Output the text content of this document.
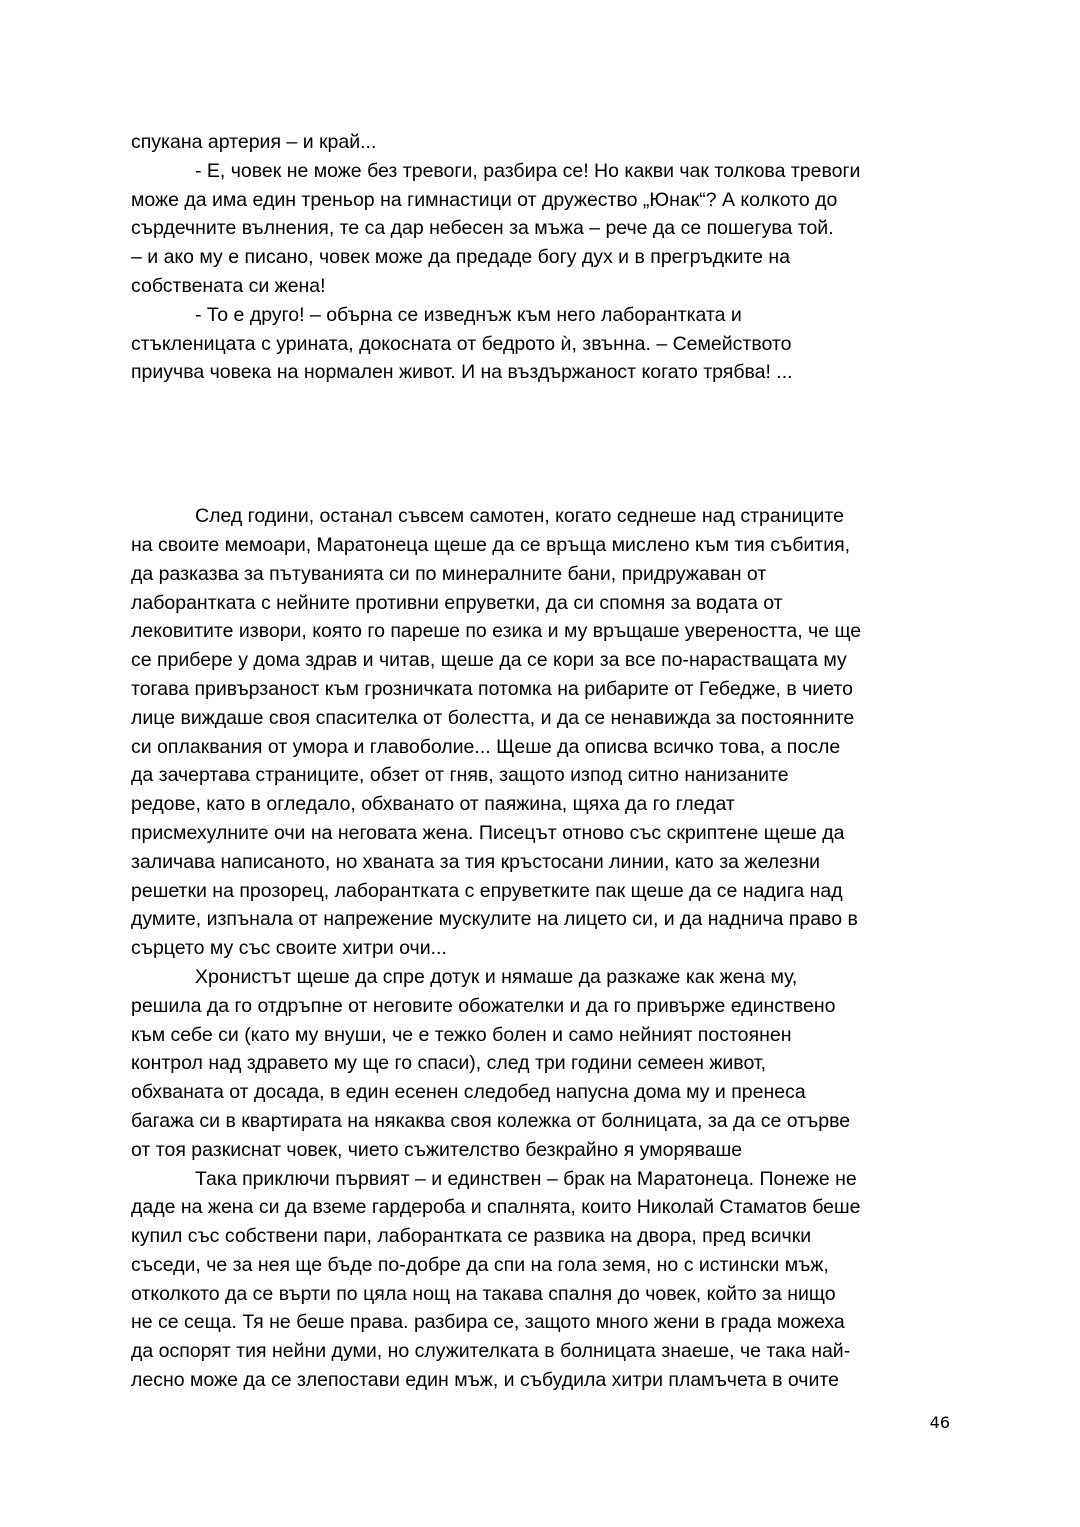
спукана артерия – и край...
- Е, човек не може без тревоги, разбира се! Но какви чак толкова тревоги
може да има един треньор на гимнастици от дружество „Юнак“? А колкото до
сърдечните вълнения, те са дар небесен за мъжа – рече да се пошегува той.
– и ако му е писано, човек може да предаде богу дух и в прегръдките на
собствената си жена!
- То е друго! – обърна се изведнъж към него лаборантката и
стъкленицата с урината, докосната от бедрото ѝ, звънна. – Семейството
приучва човека на нормален живот. И на въздържаност когато трябва! ...
След години, останал съвсем самотен, когато седнеше над страниците
на своите мемоари, Маратонеца щеше да се връща мислено към тия събития,
да разказва за пътуванията си по минералните бани, придружаван от
лаборантката с нейните противни епруветки, да си спомня за водата от
лековитите извори, която го пареше по езика и му връщаше увереността, че ще
се прибере у дома здрав и читав, щеше да се кори за все по-нарастващата му
тогава привързаност към грозничката потомка на рибарите от Гебедже, в чието
лице виждаше своя спасителка от болестта, и да се ненавижда за постоянните
си оплаквания от умора и главоболие... Щеше да описва всичко това, а после
да зачертава страниците, обзет от гняв, защото изпод ситно нанизаните
редове, като в огледало, обхванато от паяжина, щяха да го гледат
присмехулните очи на неговата жена. Писецът отново със скриптене щеше да
заличава написаното, но хваната за тия кръстосани линии, като за железни
решетки на прозорец, лаборантката с епруветките пак щеше да се надига над
думите, изпънала от напрежение мускулите на лицето си, и да наднича право в
сърцето му със своите хитри очи...
Хронистът щеше да спре дотук и нямаше да разкаже как жена му,
решила да го отдръпне от неговите обожателки и да го привърже единствено
към себе си (като му внуши, че е тежко болен и само нейният постоянен
контрол над здравето му ще го спаси), след три години семеен живот,
обхваната от досада, в един есенен следобед напусна дома му и пренеса
багажа си в квартирата на някаква своя колежка от болницата, за да се отърве
от тоя разкиснат човек, чието съжителство безкрайно я уморяваше
Така приключи първият – и единствен – брак на Маратонеца. Понеже не
даде на жена си да вземе гардероба и спалнята, които Николай Стаматов беше
купил със собствени пари, лаборантката се развика на двора, пред всички
съседи, че за нея ще бъде по-добре да спи на гола земя, но с истински мъж,
отколкото да се върти по цяла нощ на такава спалня до човек, който за нищо
не се сеща. Тя не беше права. разбира се, защото много жени в града можеха
да оспорят тия нейни думи, но служителката в болницата знаеше, че така най-
лесно може да се злепостави един мъж, и събудила хитри пламъчета в очите
46
